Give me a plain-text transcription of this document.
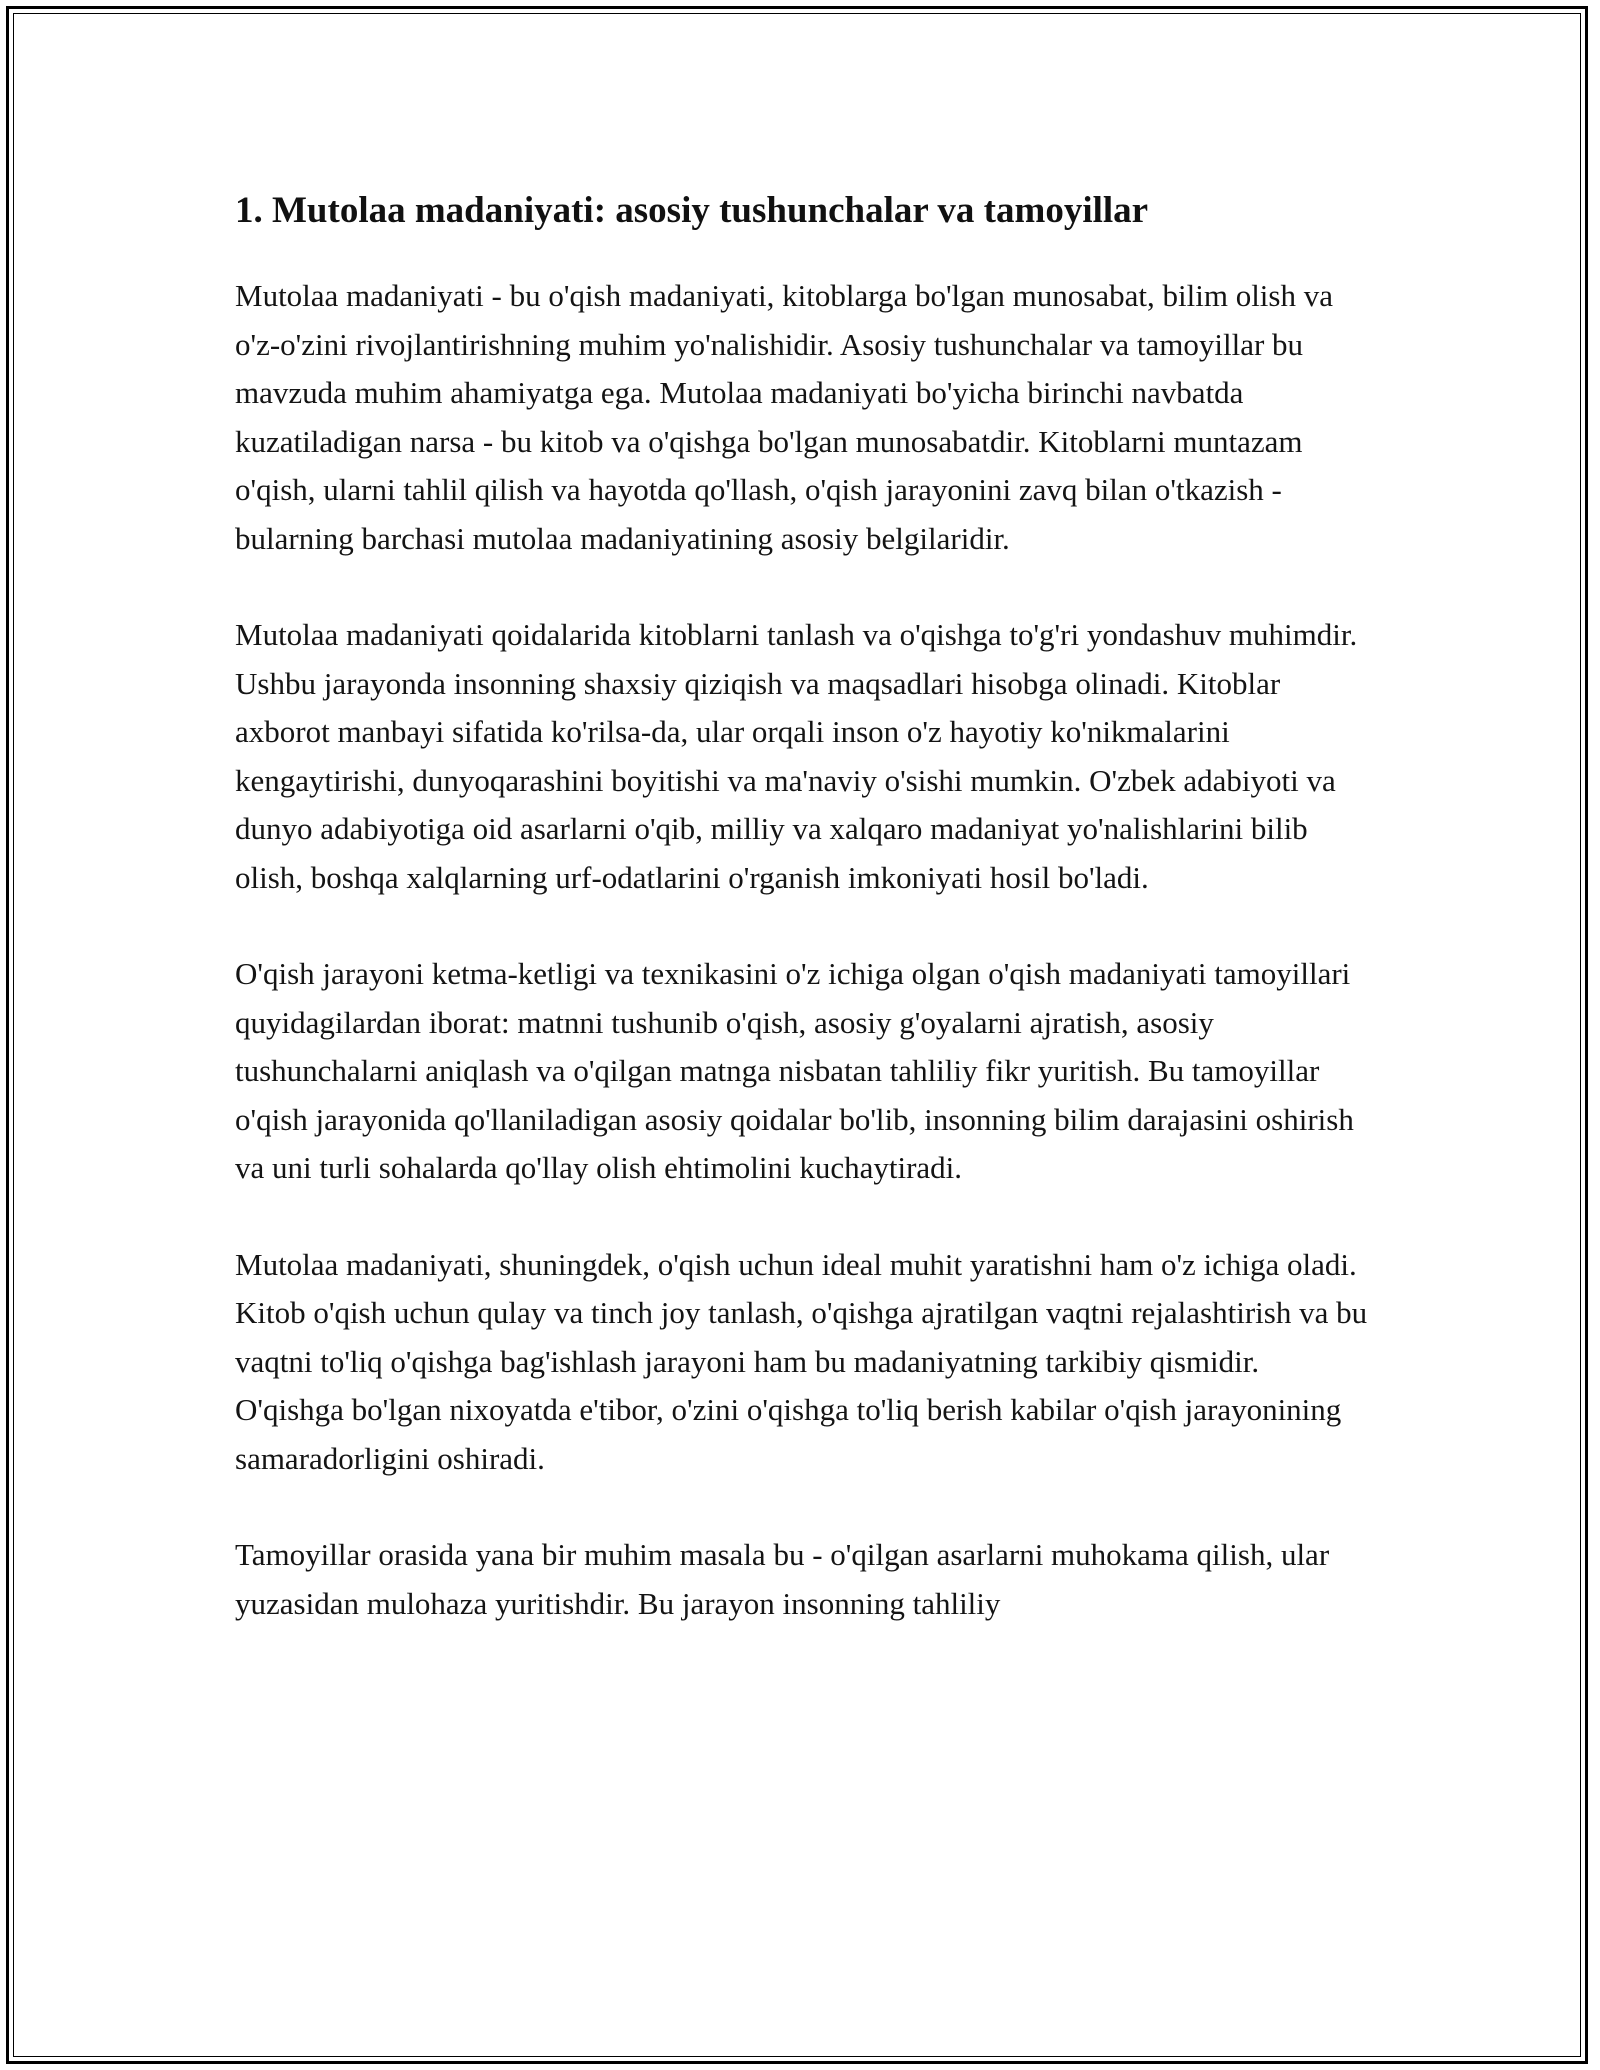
1. Mutolaa madaniyati: asosiy tushunchalar va tamoyillar

Mutolaa madaniyati - bu o'qish madaniyati, kitoblarga bo'lgan munosabat, bilim olish va o'z-o'zini rivojlantirishning muhim yo'nalishidir. Asosiy tushunchalar va tamoyillar bu mavzuda muhim ahamiyatga ega. Mutolaa madaniyati bo'yicha birinchi navbatda kuzatiladigan narsa - bu kitob va o'qishga bo'lgan munosabatdir. Kitoblarni muntazam o'qish, ularni tahlil qilish va hayotda qo'llash, o'qish jarayonini zavq bilan o'tkazish - bularning barchasi mutolaa madaniyatining asosiy belgilaridir.

Mutolaa madaniyati qoidalarida kitoblarni tanlash va o'qishga to'g'ri yondashuv muhimdir. Ushbu jarayonda insonning shaxsiy qiziqish va maqsadlari hisobga olinadi. Kitoblar axborot manbayi sifatida ko'rilsa-da, ular orqali inson o'z hayotiy ko'nikmalarini kengaytirishi, dunyoqarashini boyitishi va ma'naviy o'sishi mumkin. O'zbek adabiyoti va dunyo adabiyotiga oid asarlarni o'qib, milliy va xalqaro madaniyat yo'nalishlarini bilib olish, boshqa xalqlarning urf-odatlarini o'rganish imkoniyati hosil bo'ladi.

O'qish jarayoni ketma-ketligi va texnikasini o'z ichiga olgan o'qish madaniyati tamoyillari quyidagilardan iborat: matnni tushunib o'qish, asosiy g'oyalarni ajratish, asosiy tushunchalarni aniqlash va o'qilgan matnga nisbatan tahliliy fikr yuritish. Bu tamoyillar o'qish jarayonida qo'llaniladigan asosiy qoidalar bo'lib, insonning bilim darajasini oshirish va uni turli sohalarda qo'llay olish ehtimolini kuchaytiradi.

Mutolaa madaniyati, shuningdek, o'qish uchun ideal muhit yaratishni ham o'z ichiga oladi. Kitob o'qish uchun qulay va tinch joy tanlash, o'qishga ajratilgan vaqtni rejalashtirish va bu vaqtni to'liq o'qishga bag'ishlash jarayoni ham bu madaniyatning tarkibiy qismidir. O'qishga bo'lgan nixoyatda e'tibor, o'zini o'qishga to'liq berish kabilar o'qish jarayonining samaradorligini oshiradi.

Tamoyillar orasida yana bir muhim masala bu - o'qilgan asarlarni muhokama qilish, ular yuzasidan mulohaza yuritishdir. Bu jarayon insonning tahliliy
